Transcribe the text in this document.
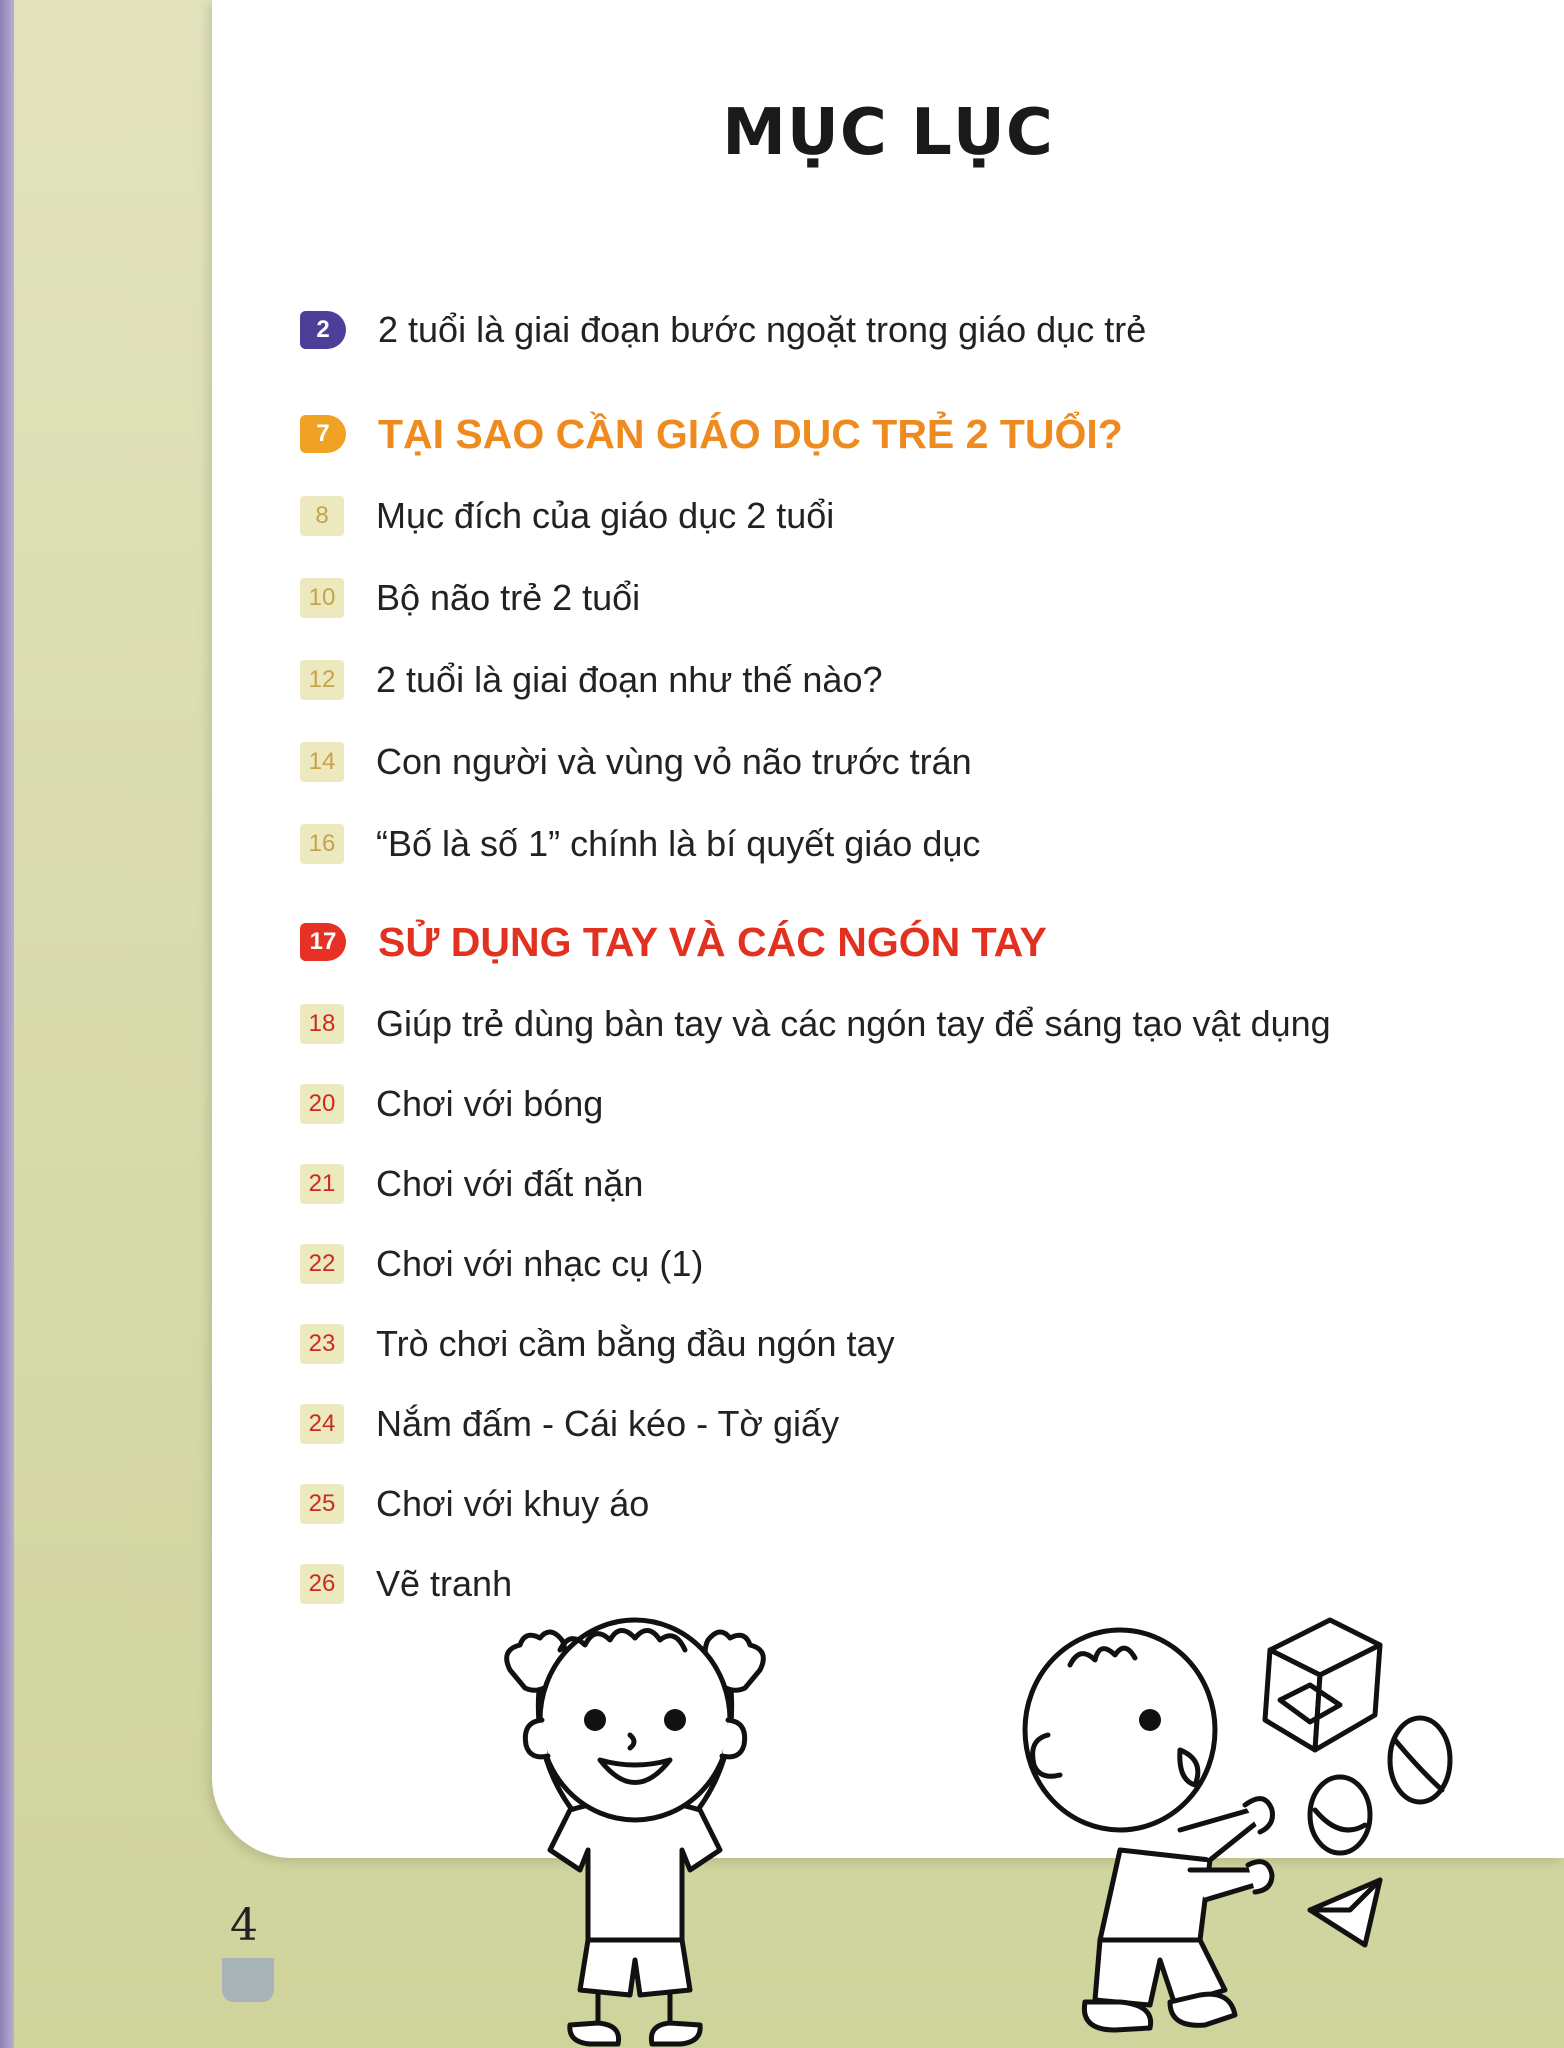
MỤC LỤC
2	2 tuổi là giai đoạn bước ngoặt trong giáo dục trẻ
7	TẠI SAO CẦN GIÁO DỤC TRẺ 2 TUỔI?
8	Mục đích của giáo dục 2 tuổi
10 Bộ não trẻ 2 tuổi
12 2 tuổi là giai đoạn như thế nào?
14 Con người và vùng vỏ não trước trán
16 “Bố là số 1” chính là bí quyết giáo dục
17 SỬ DỤNG TAY VÀ CÁC NGÓN TAY
18 Giúp trẻ dùng bàn tay và các ngón tay để sáng tạo vật dụng
20 Chơi với bóng
21 Chơi với đất nặn
22 Chơi với nhạc cụ (1)
23 Trò chơi cầm bằng đầu ngón tay
24 Nắm đấm - Cái kéo - Tờ giấy
25 Chơi với khuy áo
26 Vẽ tranh
4
